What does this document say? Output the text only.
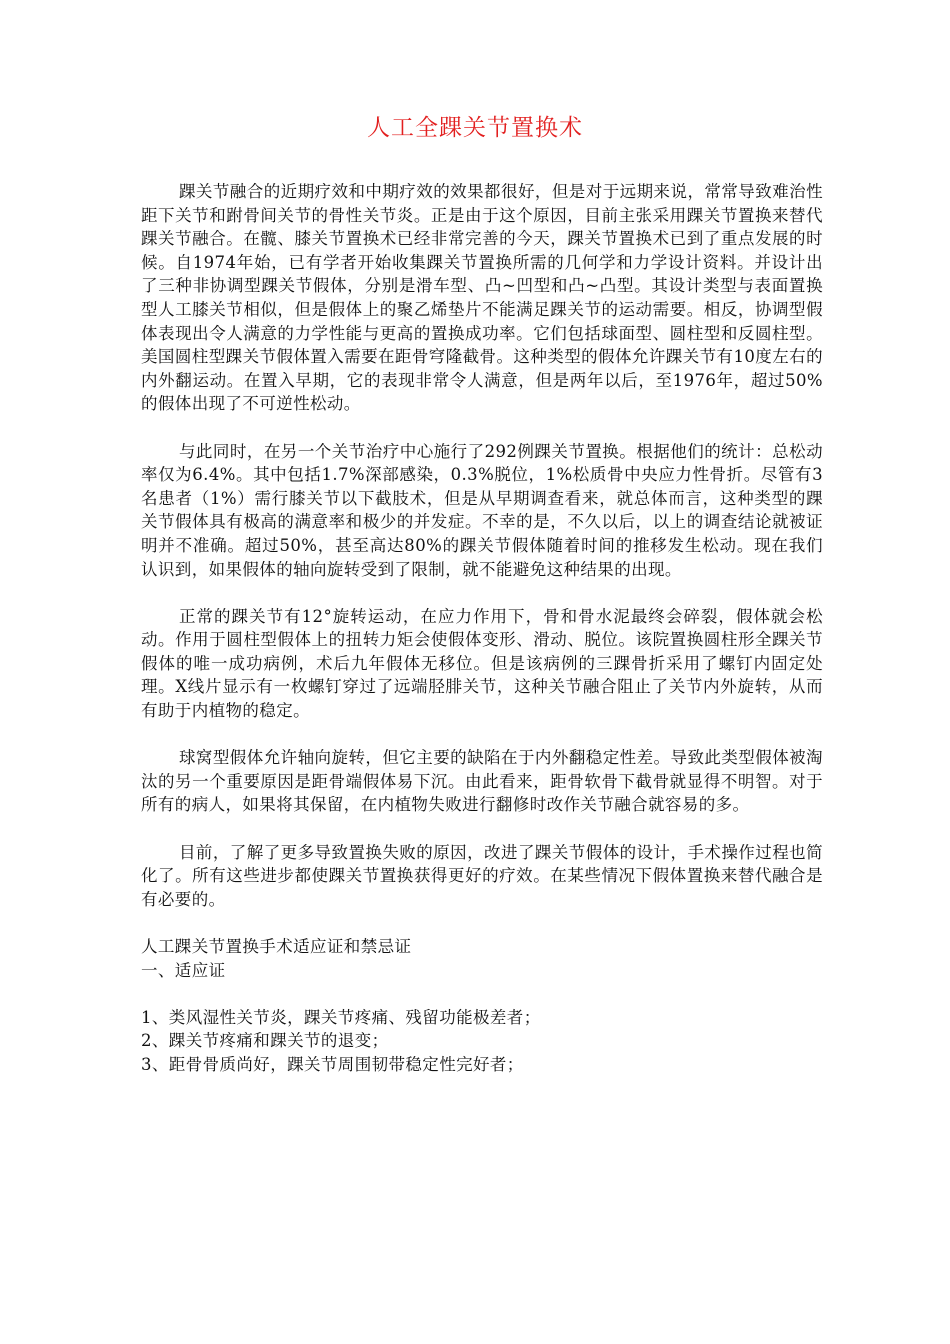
人工全踝关节置换术

踝关节融合的近期疗效和中期疗效的效果都很好，但是对于远期来说，常常导致难治性距下关节和跗骨间关节的骨性关节炎。正是由于这个原因，目前主张采用踝关节置换来替代踝关节融合。在髋、膝关节置换术已经非常完善的今天，踝关节置换术已到了重点发展的时候。自1974年始，已有学者开始收集踝关节置换所需的几何学和力学设计资料。并设计出了三种非协调型踝关节假体，分别是滑车型、凸~凹型和凸~凸型。其设计类型与表面置换型人工膝关节相似，但是假体上的聚乙烯垫片不能满足踝关节的运动需要。相反，协调型假体表现出令人满意的力学性能与更高的置换成功率。它们包括球面型、圆柱型和反圆柱型。美国圆柱型踝关节假体置入需要在距骨穹隆截骨。这种类型的假体允许踝关节有10度左右的内外翻运动。在置入早期，它的表现非常令人满意，但是两年以后，至1976年，超过50%的假体出现了不可逆性松动。

与此同时，在另一个关节治疗中心施行了292例踝关节置换。根据他们的统计：总松动率仅为6.4%。其中包括1.7%深部感染，0.3%脱位，1%松质骨中央应力性骨折。尽管有3名患者（1%）需行膝关节以下截肢术，但是从早期调查看来，就总体而言，这种类型的踝关节假体具有极高的满意率和极少的并发症。不幸的是，不久以后，以上的调查结论就被证明并不准确。超过50%，甚至高达80%的踝关节假体随着时间的推移发生松动。现在我们认识到，如果假体的轴向旋转受到了限制，就不能避免这种结果的出现。

正常的踝关节有12°旋转运动，在应力作用下，骨和骨水泥最终会碎裂，假体就会松动。作用于圆柱型假体上的扭转力矩会使假体变形、滑动、脱位。该院置换圆柱形全踝关节假体的唯一成功病例，术后九年假体无移位。但是该病例的三踝骨折采用了螺钉内固定处理。X线片显示有一枚螺钉穿过了远端胫腓关节，这种关节融合阻止了关节内外旋转，从而有助于内植物的稳定。

球窝型假体允许轴向旋转，但它主要的缺陷在于内外翻稳定性差。导致此类型假体被淘汰的另一个重要原因是距骨端假体易下沉。由此看来，距骨软骨下截骨就显得不明智。对于所有的病人，如果将其保留，在内植物失败进行翻修时改作关节融合就容易的多。

目前，了解了更多导致置换失败的原因，改进了踝关节假体的设计，手术操作过程也简化了。所有这些进步都使踝关节置换获得更好的疗效。在某些情况下假体置换来替代融合是有必要的。

人工踝关节置换手术适应证和禁忌证

一、适应证

1、类风湿性关节炎，踝关节疼痛、残留功能极差者；

2、踝关节疼痛和踝关节的退变；

3、距骨骨质尚好，踝关节周围韧带稳定性完好者；
